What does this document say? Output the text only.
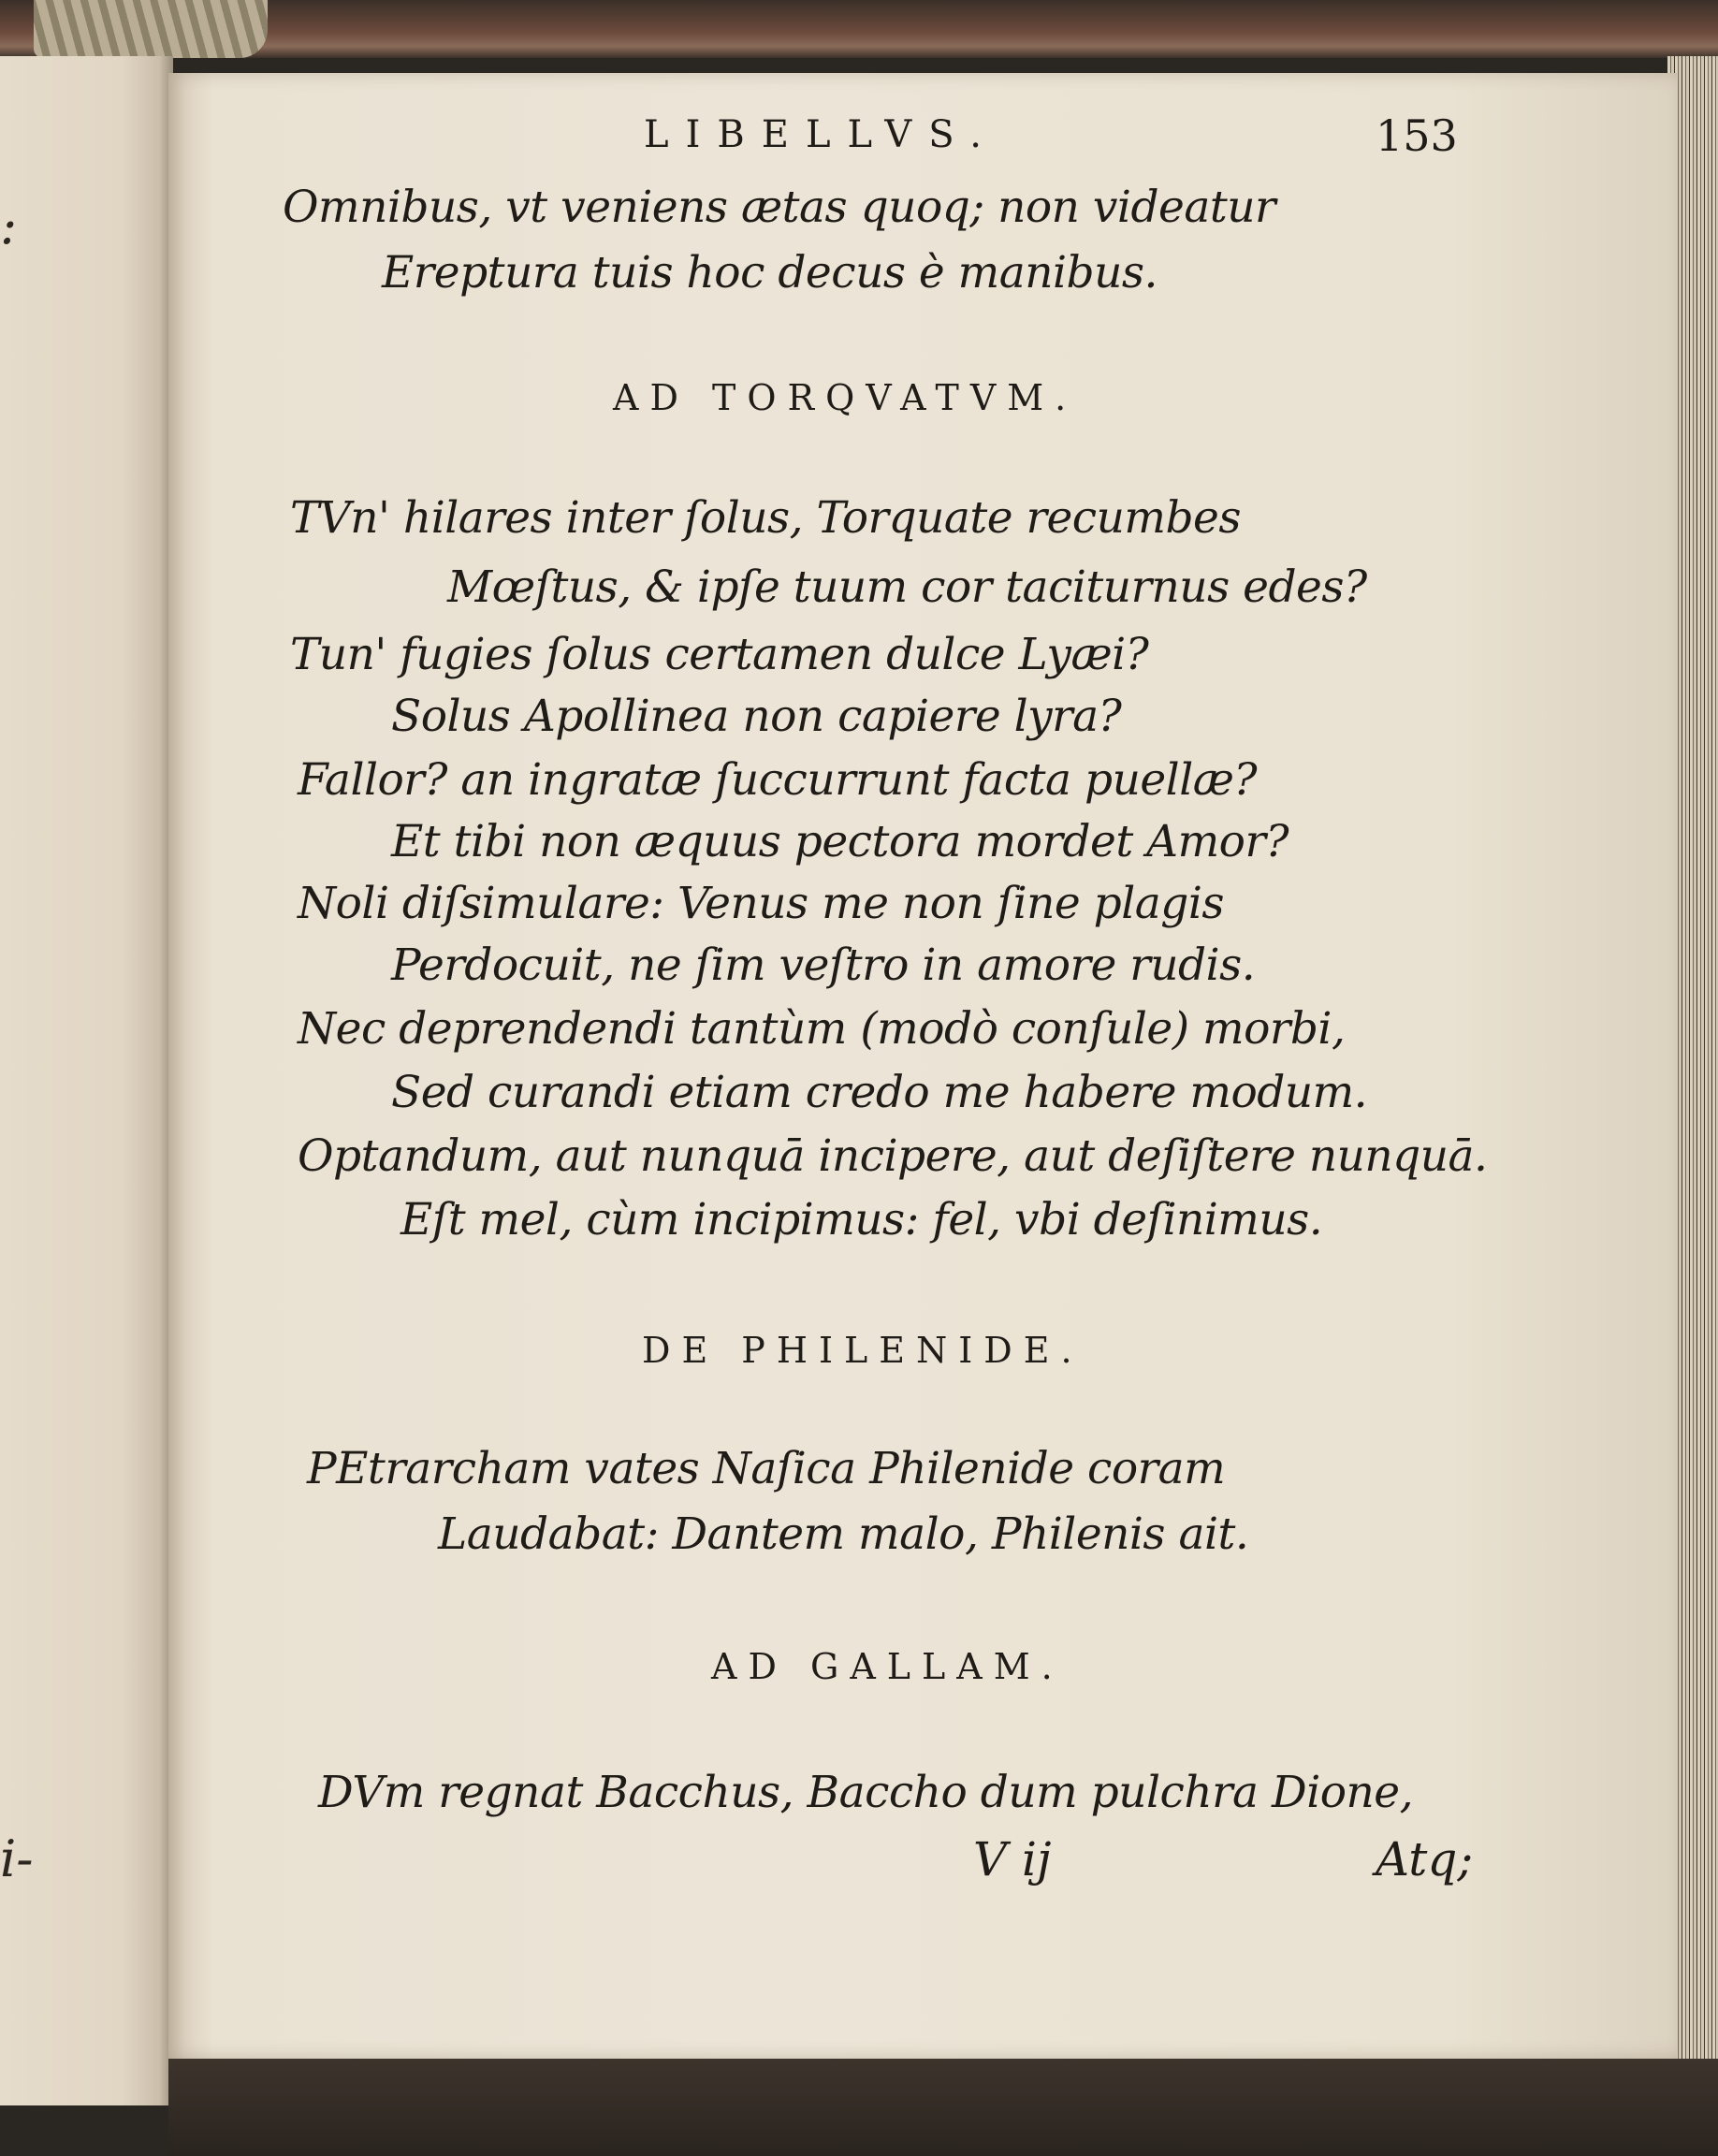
:
i-
LIBELLVS.	153
Omnibus, vt veniens ætas quoq; non videatur
Ereptura tuis hoc decus è manibus.
AD TORQVATVM.
TVn' hilares inter ſolus, Torquate recumbes
Mœſtus, & ipſe tuum cor taciturnus edes?
Tun' fugies ſolus certamen dulce Lyæi?
Solus Apollinea non capiere lyra?
Fallor? an ingratæ ſuccurrunt facta puellæ?
Et tibi non æquus pectora mordet Amor?
Noli diſsimulare: Venus me non ſine plagis
Perdocuit, ne ſim veſtro in amore rudis.
Nec deprendendi tantùm (modò conſule) morbi,
Sed curandi etiam credo me habere modum.
Optandum, aut nunquā incipere, aut deſiſtere nunquā.
Eſt mel, cùm incipimus: fel, vbi deſinimus.
DE PHILENIDE.
PEtrarcham vates Naſica Philenide coram
Laudabat: Dantem malo, Philenis ait.
AD GALLAM.
DVm regnat Bacchus, Baccho dum pulchra Dione,
V ij	Atq;
